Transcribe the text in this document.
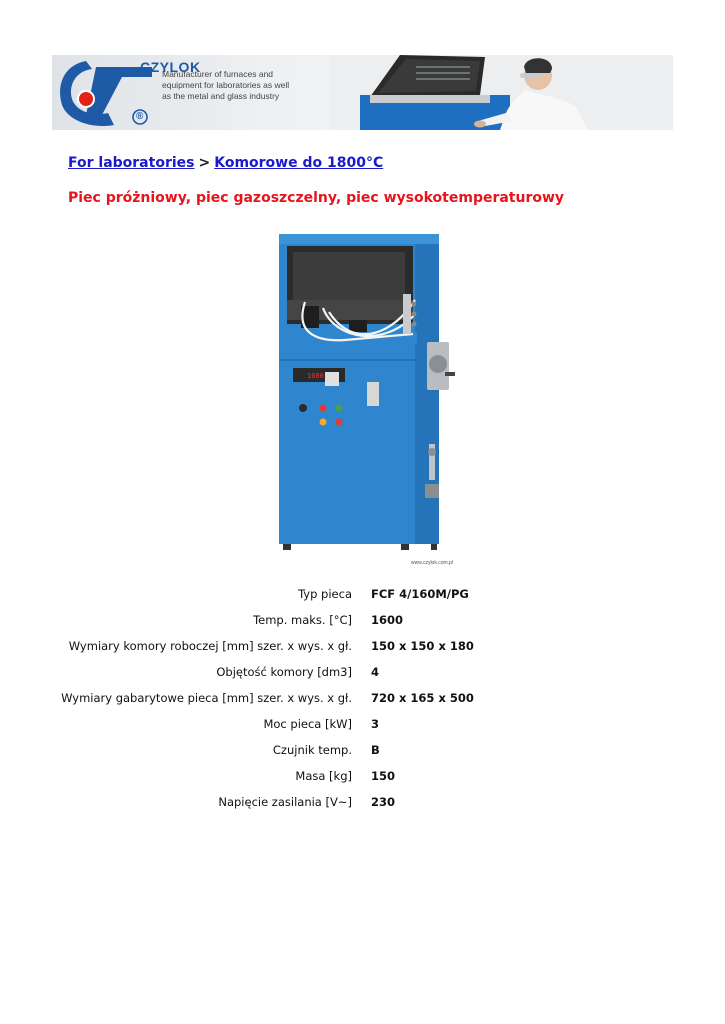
CZYLOK
®
Manufacturer of furnaces and
equipment for laboratories as well
as the metal and glass industry
For laboratories > Komorowe do 1800°C
Piec próżniowy, piec gazoszczelny, piec wysokotemperaturowy
1600
www.czylok.com.pl
Typ pieca	FCF 4/160M/PG
Temp. maks. [°C]	1600
Wymiary komory roboczej [mm] szer. x wys. x gł.	150 x 150 x 180
Objętość komory [dm3]	4
Wymiary gabarytowe pieca [mm] szer. x wys. x gł.	720 x 165 x 500
Moc pieca [kW]	3
Czujnik temp.	B
Masa [kg]	150
Napięcie zasilania [V~]	230
